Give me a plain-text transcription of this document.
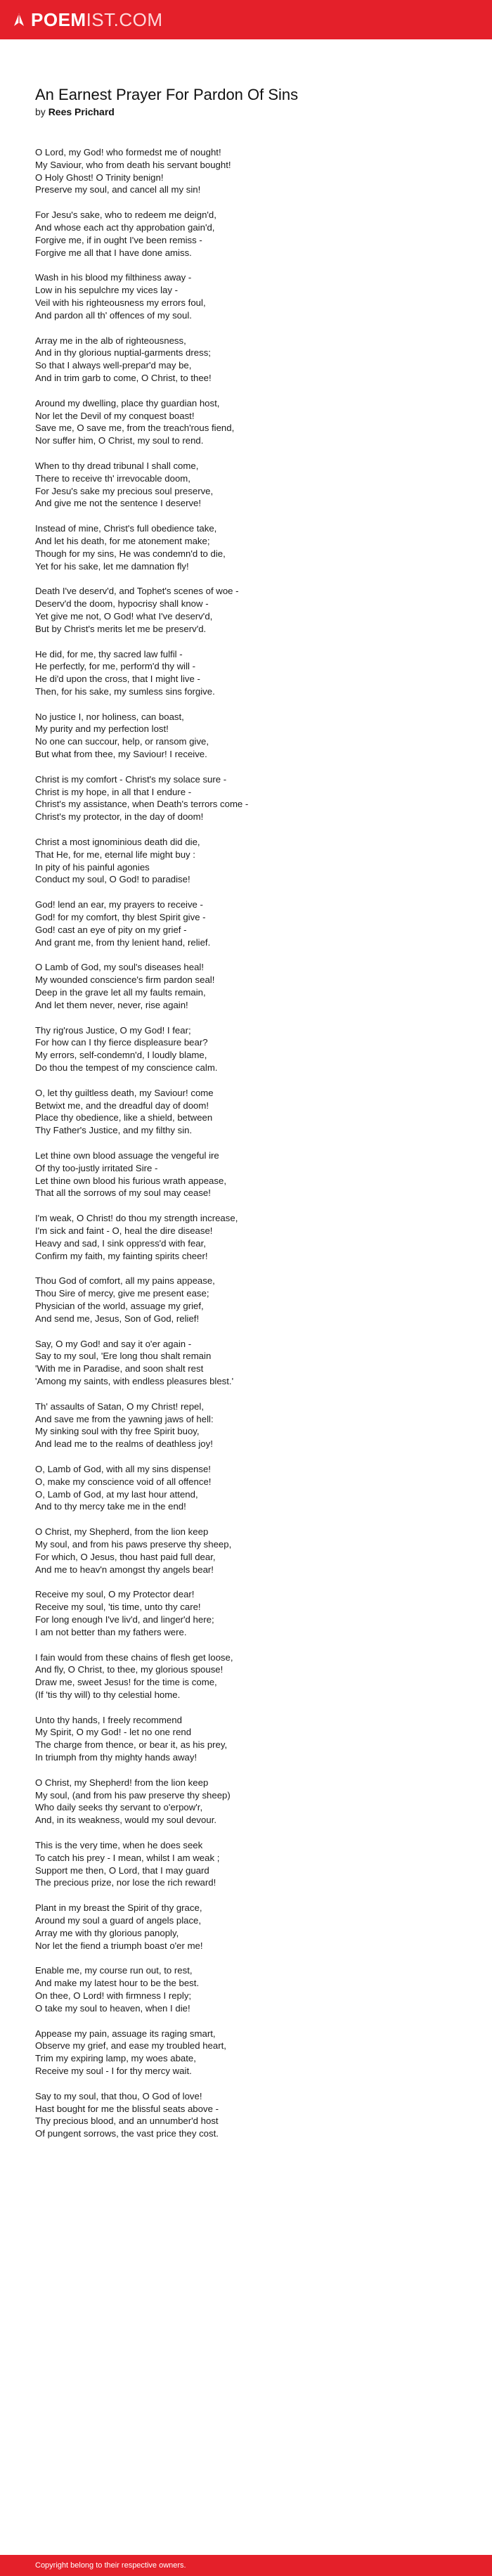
POEM IST.COM
An Earnest Prayer For Pardon Of Sins
by Rees Prichard
O Lord, my God! who formedst me of nought!
My Saviour, who from death his servant bought!
O Holy Ghost! O Trinity benign!
Preserve my soul, and cancel all my sin!
For Jesu's sake, who to redeem me deign'd,
And whose each act thy approbation gain'd,
Forgive me, if in ought I've been remiss -
Forgive me all that I have done amiss.
Wash in his blood my filthiness away -
Low in his sepulchre my vices lay -
Veil with his righteousness my errors foul,
And pardon all th' offences of my soul.
Array me in the alb of righteousness,
And in thy glorious nuptial-garments dress;
So that I always well-prepar'd may be,
And in trim garb to come, O Christ, to thee!
Around my dwelling, place thy guardian host,
Nor let the Devil of my conquest boast!
Save me, O save me, from the treach'rous fiend,
Nor suffer him, O Christ, my soul to rend.
When to thy dread tribunal I shall come,
There to receive th' irrevocable doom,
For Jesu's sake my precious soul preserve,
And give me not the sentence I deserve!
Instead of mine, Christ's full obedience take,
And let his death, for me atonement make;
Though for my sins, He was condemn'd to die,
Yet for his sake, let me damnation fly!
Death I've deserv'd, and Tophet's scenes of woe -
Deserv'd the doom, hypocrisy shall know -
Yet give me not, O God! what I've deserv'd,
But by Christ's merits let me be preserv'd.
He did, for me, thy sacred law fulfil -
He perfectly, for me, perform'd thy will -
He di'd upon the cross, that I might live -
Then, for his sake, my sumless sins forgive.
No justice I, nor holiness, can boast,
My purity and my perfection lost!
No one can succour, help, or ransom give,
But what from thee, my Saviour! I receive.
Christ is my comfort - Christ's my solace sure -
Christ is my hope, in all that I endure -
Christ's my assistance, when Death's terrors come -
Christ's my protector, in the day of doom!
Christ a most ignominious death did die,
That He, for me, eternal life might buy :
In pity of his painful agonies
Conduct my soul, O God! to paradise!
God! lend an ear, my prayers to receive -
God! for my comfort, thy blest Spirit give -
God! cast an eye of pity on my grief -
And grant me, from thy lenient hand, relief.
O Lamb of God, my soul's diseases heal!
My wounded conscience's firm pardon seal!
Deep in the grave let all my faults remain,
And let them never, never, rise again!
Thy rig'rous Justice, O my God! I fear;
For how can I thy fierce displeasure bear?
My errors, self-condemn'd, I loudly blame,
Do thou the tempest of my conscience calm.
O, let thy guiltless death, my Saviour! come
Betwixt me, and the dreadful day of doom!
Place thy obedience, like a shield, between
Thy Father's Justice, and my filthy sin.
Let thine own blood assuage the vengeful ire
Of thy too-justly irritated Sire -
Let thine own blood his furious wrath appease,
That all the sorrows of my soul may cease!
I'm weak, O Christ! do thou my strength increase,
I'm sick and faint - O, heal the dire disease!
Heavy and sad, I sink oppress'd with fear,
Confirm my faith, my fainting spirits cheer!
Thou God of comfort, all my pains appease,
Thou Sire of mercy, give me present ease;
Physician of the world, assuage my grief,
And send me, Jesus, Son of God, relief!
Say, O my God! and say it o'er again -
Say to my soul, 'Ere long thou shalt remain
'With me in Paradise, and soon shalt rest
'Among my saints, with endless pleasures blest.'
Th' assaults of Satan, O my Christ! repel,
And save me from the yawning jaws of hell:
My sinking soul with thy free Spirit buoy,
And lead me to the realms of deathless joy!
O, Lamb of God, with all my sins dispense!
O, make my conscience void of all offence!
O, Lamb of God, at my last hour attend,
And to thy mercy take me in the end!
O Christ, my Shepherd, from the lion keep
My soul, and from his paws preserve thy sheep,
For which, O Jesus, thou hast paid full dear,
And me to heav'n amongst thy angels bear!
Receive my soul, O my Protector dear!
Receive my soul, 'tis time, unto thy care!
For long enough I've liv'd, and linger'd here;
I am not better than my fathers were.
I fain would from these chains of flesh get loose,
And fly, O Christ, to thee, my glorious spouse!
Draw me, sweet Jesus! for the time is come,
(If 'tis thy will) to thy celestial home.
Unto thy hands, I freely recommend
My Spirit, O my God! - let no one rend
The charge from thence, or bear it, as his prey,
In triumph from thy mighty hands away!
O Christ, my Shepherd! from the lion keep
My soul, (and from his paw preserve thy sheep)
Who daily seeks thy servant to o'erpow'r,
And, in its weakness, would my soul devour.
This is the very time, when he does seek
To catch his prey - I mean, whilst I am weak ;
Support me then, O Lord, that I may guard
The precious prize, nor lose the rich reward!
Plant in my breast the Spirit of thy grace,
Around my soul a guard of angels place,
Array me with thy glorious panoply,
Nor let the fiend a triumph boast o'er me!
Enable me, my course run out, to rest,
And make my latest hour to be the best.
On thee, O Lord! with firmness I reply;
O take my soul to heaven, when I die!
Appease my pain, assuage its raging smart,
Observe my grief, and ease my troubled heart,
Trim my expiring lamp, my woes abate,
Receive my soul - I for thy mercy wait.
Say to my soul, that thou, O God of love!
Hast bought for me the blissful seats above -
Thy precious blood, and an unnumber'd host
Of pungent sorrows, the vast price they cost.
Copyright belong to their respective owners.
